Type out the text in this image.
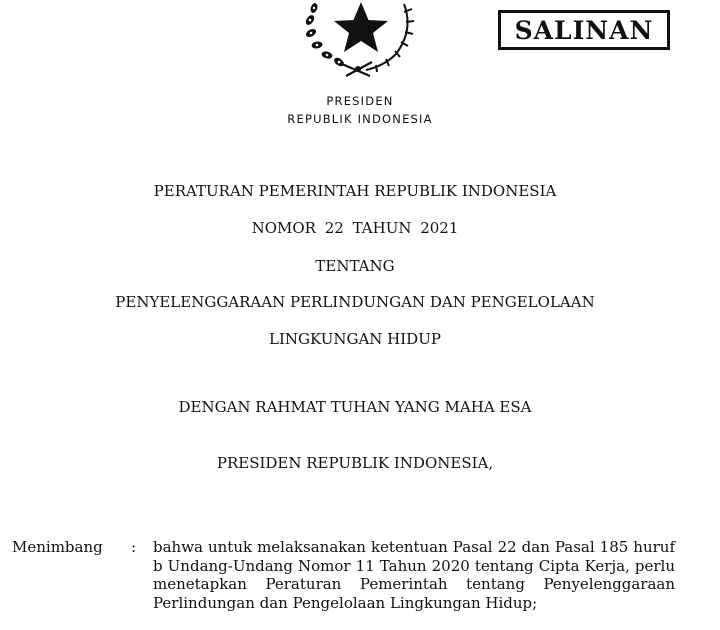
SALINAN
PRESIDEN
REPUBLIK INDONESIA
PERATURAN PEMERINTAH REPUBLIK INDONESIA
NOMOR 22 TAHUN 2021
TENTANG
PENYELENGGARAAN PERLINDUNGAN DAN PENGELOLAAN
LINGKUNGAN HIDUP
DENGAN RAHMAT TUHAN YANG MAHA ESA
PRESIDEN REPUBLIK INDONESIA,
Menimbang : bahwa untuk melaksanakan ketentuan Pasal 22 dan Pasal 185 huruf b Undang-Undang Nomor 11 Tahun 2020 tentang Cipta Kerja, perlu menetapkan Peraturan Pemerintah tentang Penyelenggaraan Perlindungan dan Pengelolaan Lingkungan Hidup;
